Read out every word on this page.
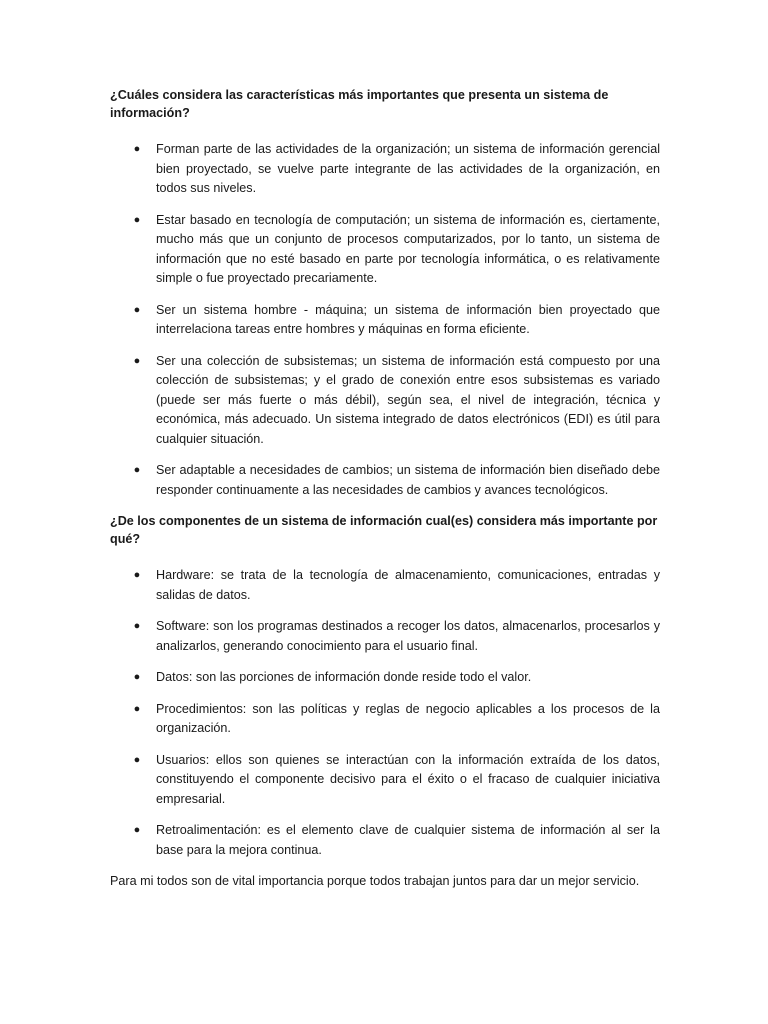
¿Cuáles considera las características más importantes que presenta un sistema de información?

● Forman parte de las actividades de la organización; un sistema de información gerencial bien proyectado, se vuelve parte integrante de las actividades de la organización, en todos sus niveles.
● Estar basado en tecnología de computación; un sistema de información es, ciertamente, mucho más que un conjunto de procesos computarizados, por lo tanto, un sistema de información que no esté basado en parte por tecnología informática, o es relativamente simple o fue proyectado precariamente.
● Ser un sistema hombre - máquina; un sistema de información bien proyectado que interrelaciona tareas entre hombres y máquinas en forma eficiente.
● Ser una colección de subsistemas; un sistema de información está compuesto por una colección de subsistemas; y el grado de conexión entre esos subsistemas es variado (puede ser más fuerte o más débil), según sea, el nivel de integración, técnica y económica, más adecuado. Un sistema integrado de datos electrónicos (EDI) es útil para cualquier situación.
● Ser adaptable a necesidades de cambios; un sistema de información bien diseñado debe responder continuamente a las necesidades de cambios y avances tecnológicos.

¿De los componentes de un sistema de información cual(es) considera más importante por qué?

● Hardware: se trata de la tecnología de almacenamiento, comunicaciones, entradas y salidas de datos.
● Software: son los programas destinados a recoger los datos, almacenarlos, procesarlos y analizarlos, generando conocimiento para el usuario final.
● Datos: son las porciones de información donde reside todo el valor.
● Procedimientos: son las políticas y reglas de negocio aplicables a los procesos de la organización.
● Usuarios: ellos son quienes se interactúan con la información extraída de los datos, constituyendo el componente decisivo para el éxito o el fracaso de cualquier iniciativa empresarial.
● Retroalimentación: es el elemento clave de cualquier sistema de información al ser la base para la mejora continua.

Para mi todos son de vital importancia porque todos trabajan juntos para dar un mejor servicio.
